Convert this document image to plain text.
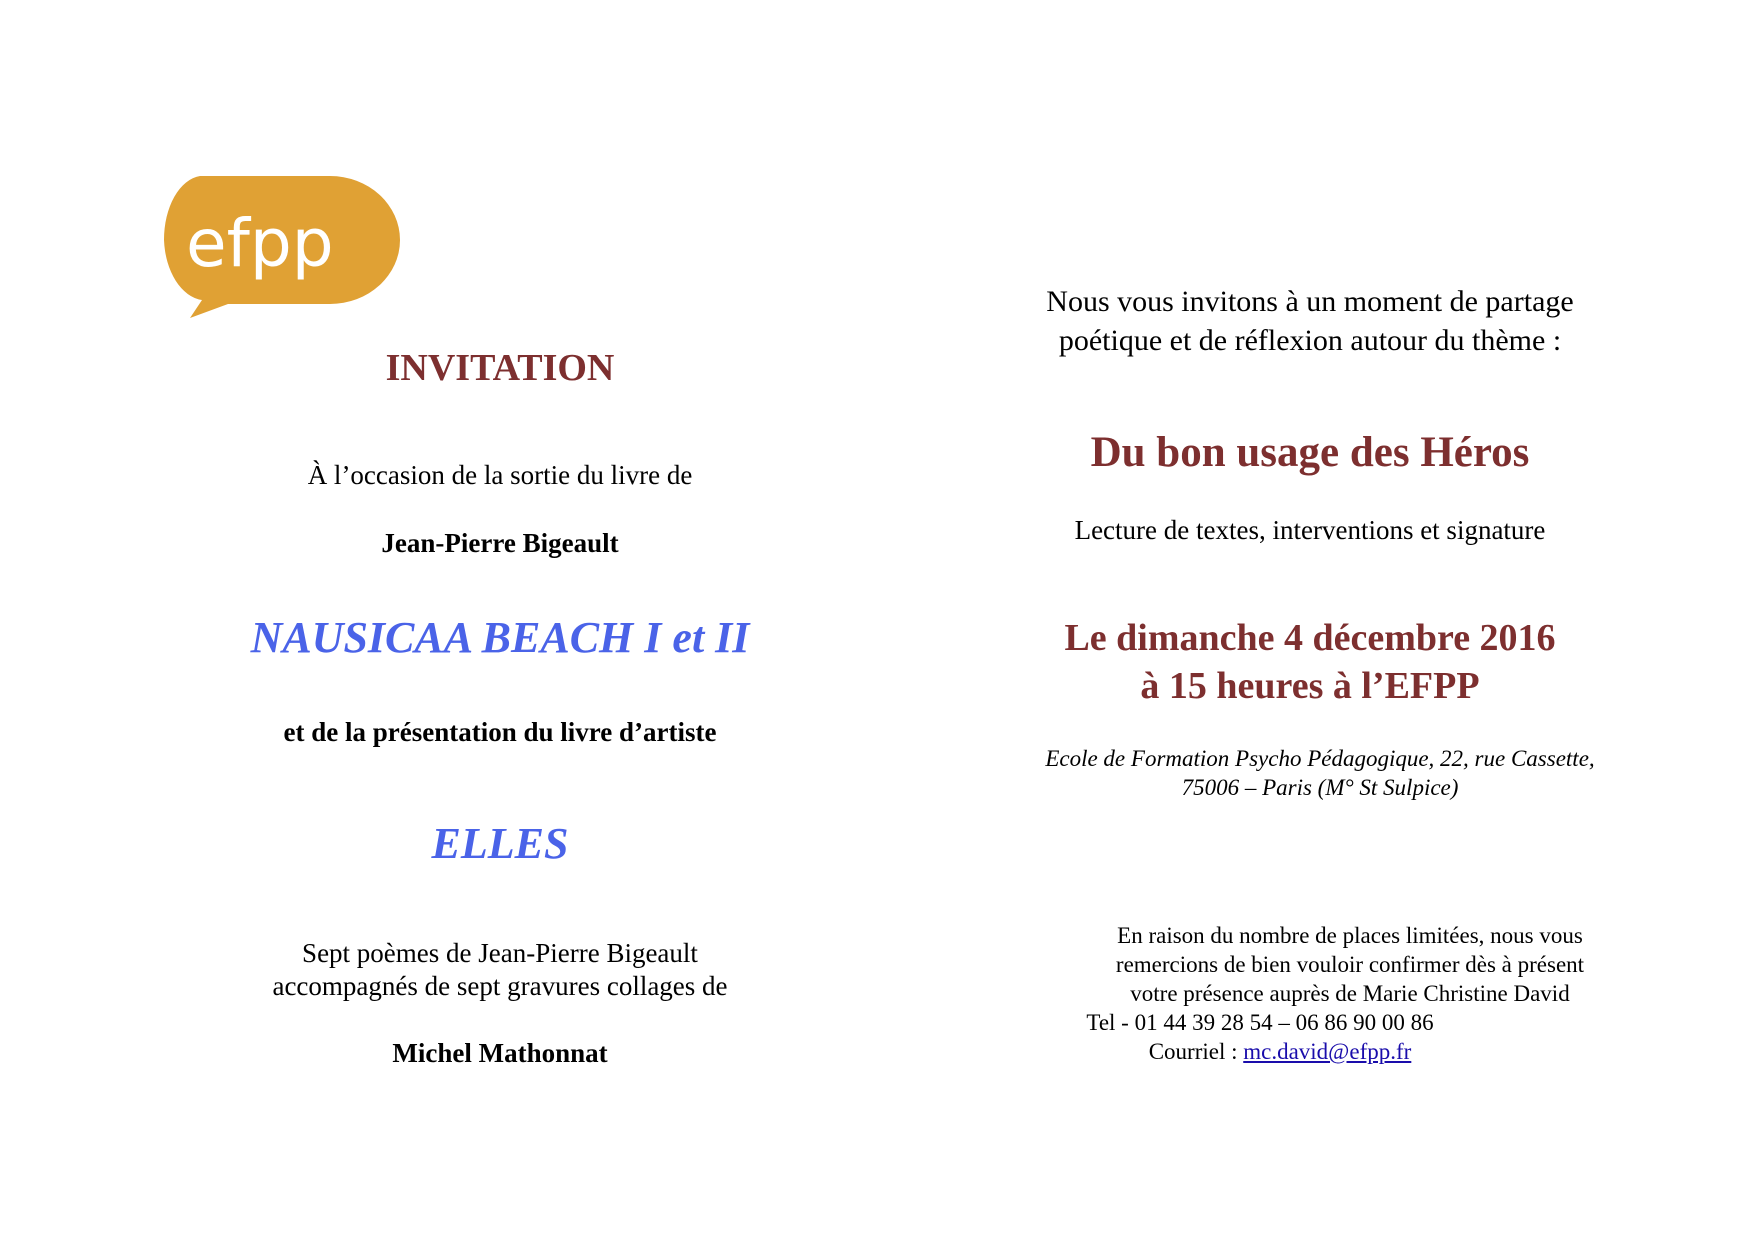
efpp
INVITATION
À l’occasion de la sortie du livre de
Jean-Pierre Bigeault
NAUSICAA BEACH I et II
et de la présentation du livre d’artiste
ELLES
Sept poèmes de Jean-Pierre Bigeault
accompagnés de sept gravures collages de
Michel Mathonnat
Nous vous invitons à un moment de partage
poétique et de réflexion autour du thème :
Du bon usage des Héros
Lecture de textes, interventions et signature
Le dimanche 4 décembre 2016
à 15 heures à l’EFPP
Ecole de Formation Psycho Pédagogique, 22, rue Cassette,
75006 – Paris (M° St Sulpice)
En raison du nombre de places limitées, nous vous
remercions de bien vouloir confirmer dès à présent
votre présence auprès de Marie Christine David
Tel - 01 44 39 28 54 – 06 86 90 00 86
Courriel : mc.david@efpp.fr
